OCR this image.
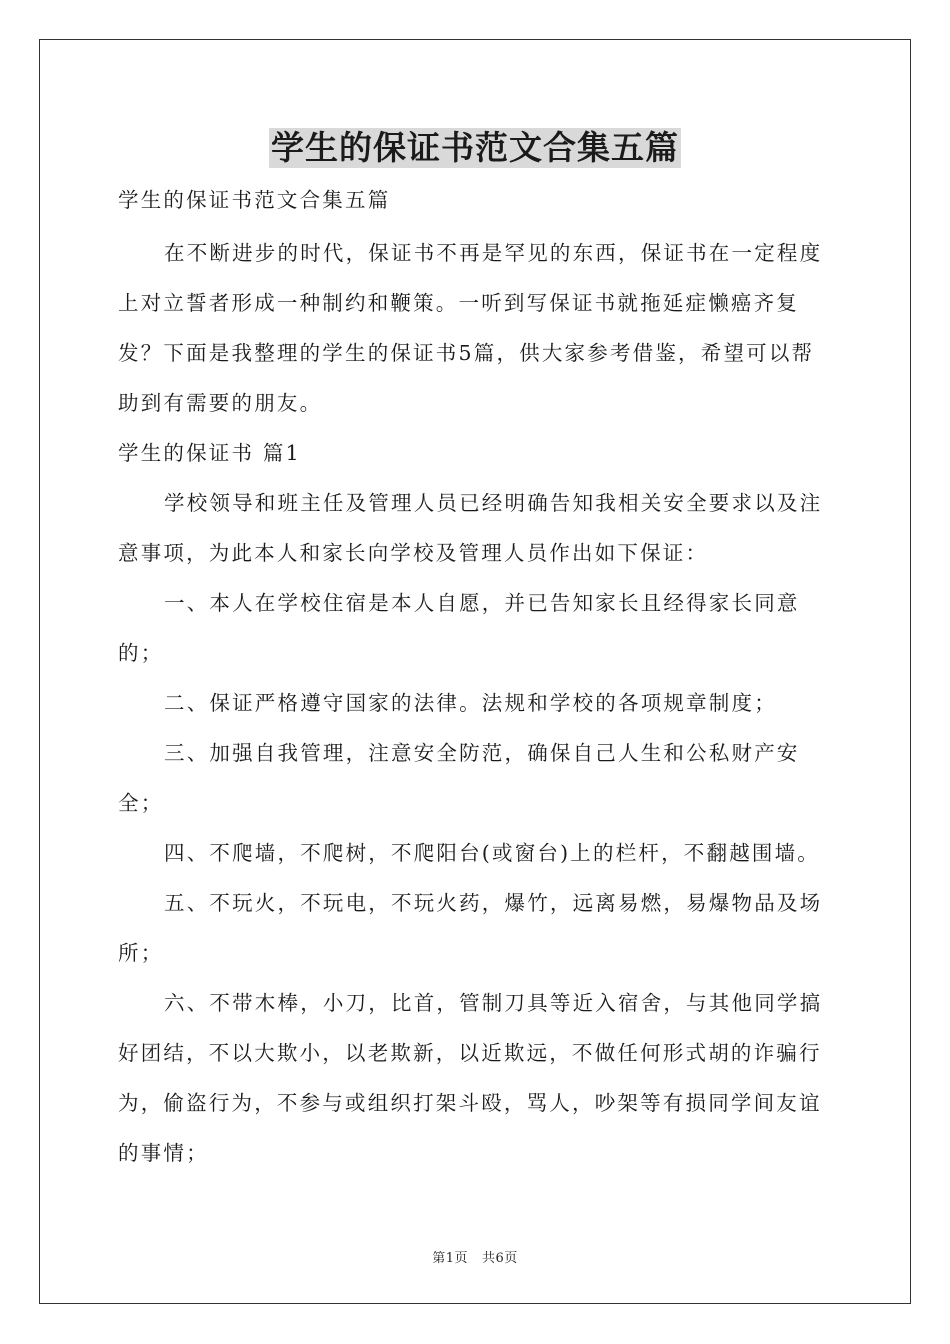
学生的保证书范文合集五篇

学生的保证书范文合集五篇

在不断进步的时代，保证书不再是罕见的东西，保证书在一定程度上对立誓者形成一种制约和鞭策。一听到写保证书就拖延症懒癌齐复发？下面是我整理的学生的保证书5篇，供大家参考借鉴，希望可以帮助到有需要的朋友。

学生的保证书 篇1

学校领导和班主任及管理人员已经明确告知我相关安全要求以及注意事项，为此本人和家长向学校及管理人员作出如下保证：

一、本人在学校住宿是本人自愿，并已告知家长且经得家长同意的；

二、保证严格遵守国家的法律。法规和学校的各项规章制度；

三、加强自我管理，注意安全防范，确保自己人生和公私财产安全；

四、不爬墙，不爬树，不爬阳台(或窗台)上的栏杆，不翻越围墙。

五、不玩火，不玩电，不玩火药，爆竹，远离易燃，易爆物品及场所；

六、不带木棒，小刀，比首，管制刀具等近入宿舍，与其他同学搞好团结，不以大欺小，以老欺新，以近欺远，不做任何形式胡的诈骗行为，偷盗行为，不参与或组织打架斗殴，骂人，吵架等有损同学间友谊的事情；

第1页 共6页
